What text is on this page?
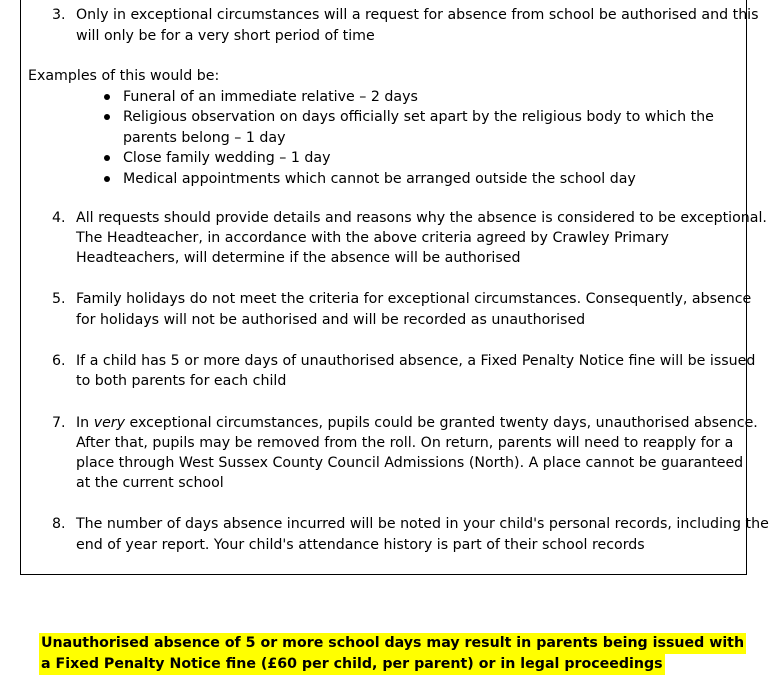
3. Only in exceptional circumstances will a request for absence from school be authorised and this
will only be for a very short period of time
Examples of this would be:
Funeral of an immediate relative – 2 days
Religious observation on days officially set apart by the religious body to which the
parents belong – 1 day
Close family wedding – 1 day
Medical appointments which cannot be arranged outside the school day
4. All requests should provide details and reasons why the absence is considered to be exceptional.
The Headteacher, in accordance with the above criteria agreed by Crawley Primary
Headteachers, will determine if the absence will be authorised
5. Family holidays do not meet the criteria for exceptional circumstances. Consequently, absence
for holidays will not be authorised and will be recorded as unauthorised
6. If a child has 5 or more days of unauthorised absence, a Fixed Penalty Notice fine will be issued
to both parents for each child
7. In very exceptional circumstances, pupils could be granted twenty days, unauthorised absence.
After that, pupils may be removed from the roll. On return, parents will need to reapply for a
place through West Sussex County Council Admissions (North). A place cannot be guaranteed
at the current school
8. The number of days absence incurred will be noted in your child's personal records, including the
end of year report. Your child's attendance history is part of their school records
Unauthorised absence of 5 or more school days may result in parents being issued with
a Fixed Penalty Notice fine (£60 per child, per parent) or in legal proceedings
